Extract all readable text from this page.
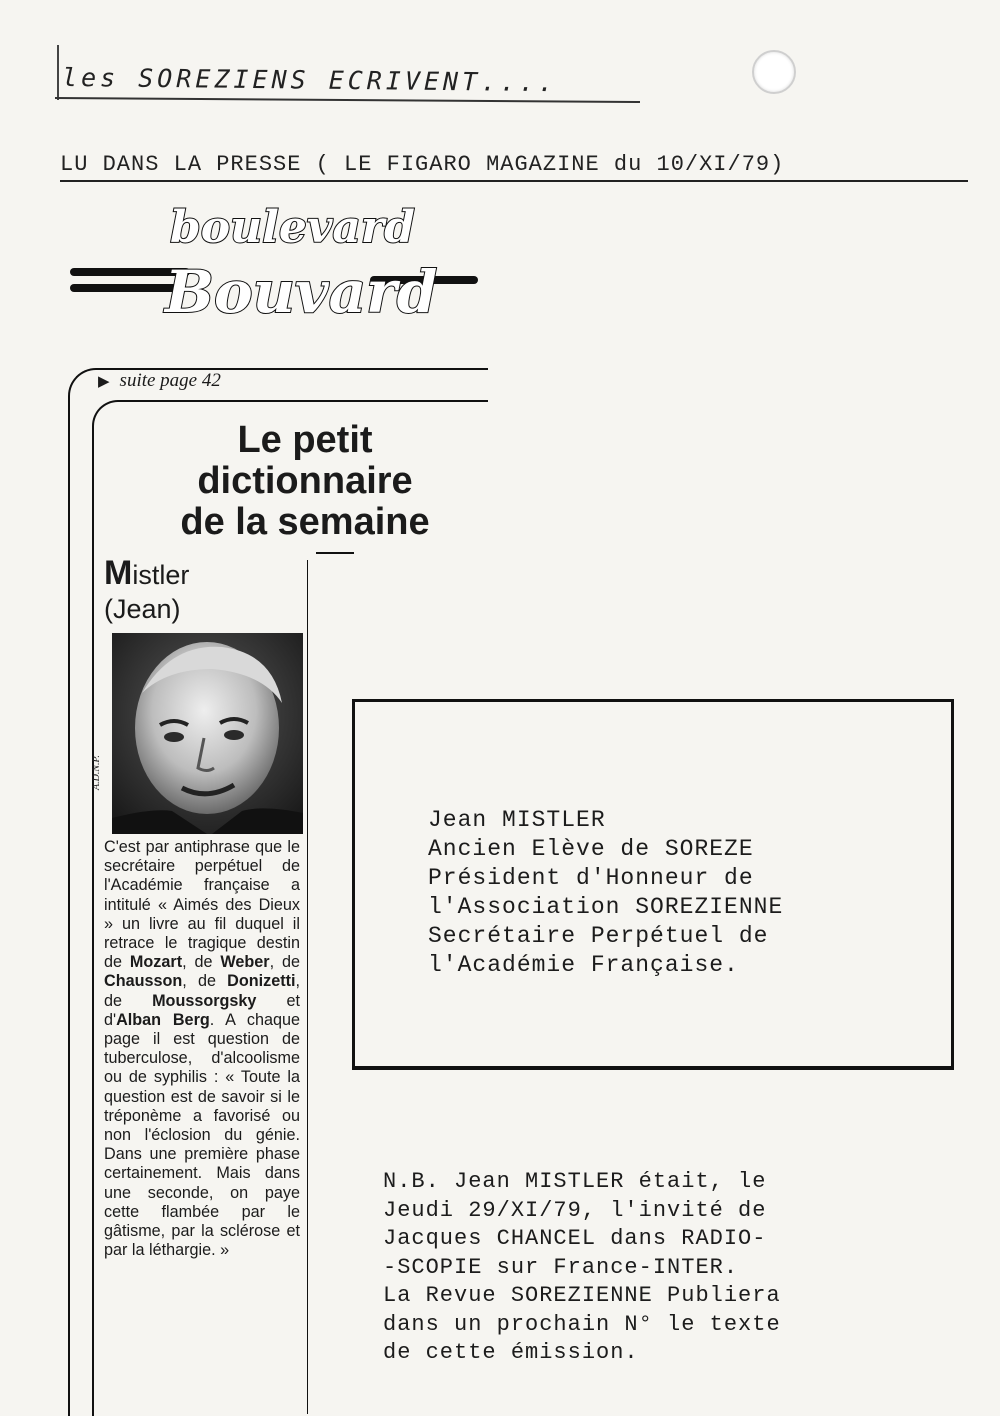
les SOREZIENS ECRIVENT....
LU DANS LA PRESSE ( LE FIGARO MAGAZINE du 10/XI/79)
boulevard
Bouvard
▶ suite page 42
Le petit
dictionnaire
de la semaine
Mistler
(Jean)
A.D.N.P.
C'est par antiphrase que le secrétaire perpétuel de l'Académie française a intitulé « Aimés des Dieux » un livre au fil duquel il retrace le tragique destin de Mozart, de Weber, de Chausson, de Donizetti, de Moussorgsky et d'Alban Berg. A chaque page il est question de tuberculose, d'alcoolisme ou de syphilis : « Toute la question est de savoir si le tréponème a favorisé ou non l'éclosion du génie. Dans une première phase certainement. Mais dans une seconde, on paye cette flambée par le gâtisme, par la sclérose et par la léthargie. »
Jean MISTLER
Ancien Elève de SOREZE
Président d'Honneur de
l'Association SOREZIENNE
Secrétaire Perpétuel de
l'Académie Française.
N.B. Jean MISTLER était, le
Jeudi 29/XI/79, l'invité de
Jacques CHANCEL dans RADIO-
-SCOPIE sur France-INTER.
La Revue SOREZIENNE Publiera
dans un prochain N° le texte
de cette émission.
